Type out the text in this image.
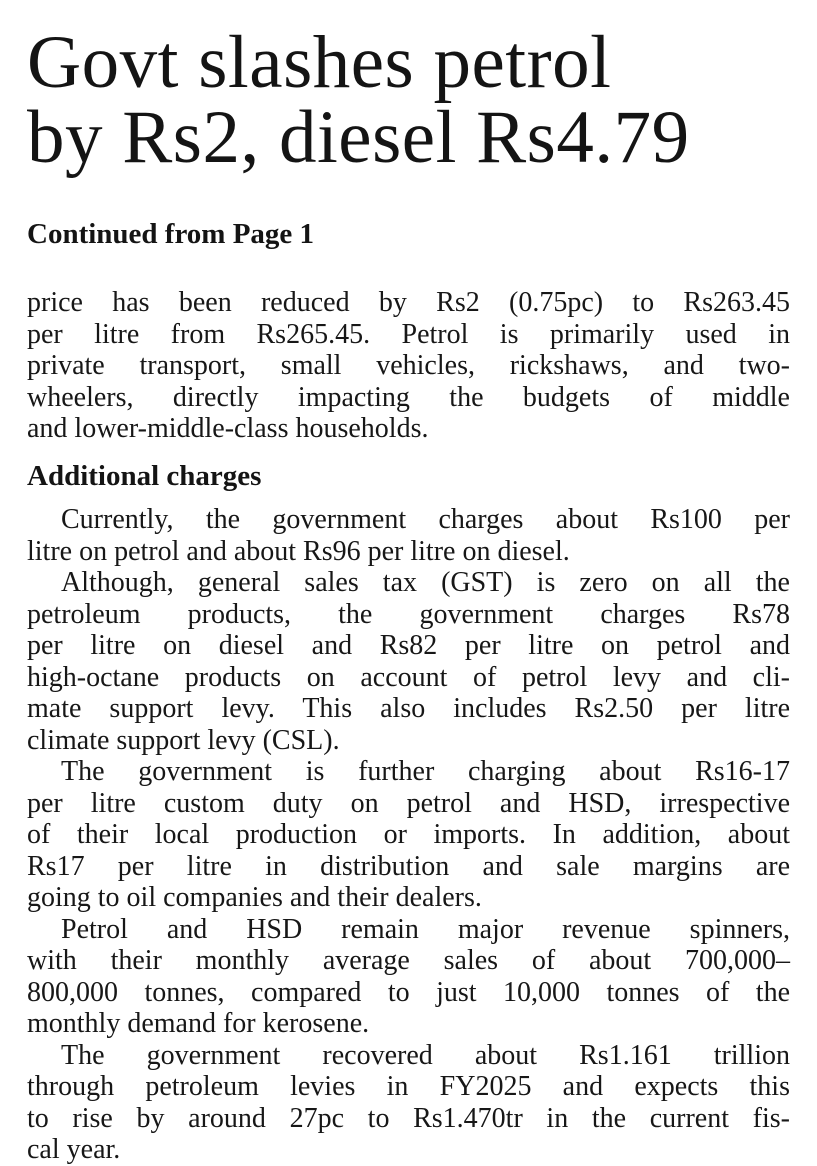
Govt slashes petrol
by Rs2, diesel Rs4.79

Continued from Page 1

price has been reduced by Rs2 (0.75pc) to Rs263.45
per litre from Rs265.45. Petrol is primarily used in
private transport, small vehicles, rickshaws, and two-
wheelers, directly impacting the budgets of middle
and lower-middle-class households.
Additional charges
Currently, the government charges about Rs100 per
litre on petrol and about Rs96 per litre on diesel.
Although, general sales tax (GST) is zero on all the
petroleum products, the government charges Rs78
per litre on diesel and Rs82 per litre on petrol and
high-octane products on account of petrol levy and cli-
mate support levy. This also includes Rs2.50 per litre
climate support levy (CSL).
The government is further charging about Rs16-17
per litre custom duty on petrol and HSD, irrespective
of their local production or imports. In addition, about
Rs17 per litre in distribution and sale margins are
going to oil companies and their dealers.
Petrol and HSD remain major revenue spinners,
with their monthly average sales of about 700,000–
800,000 tonnes, compared to just 10,000 tonnes of the
monthly demand for kerosene.
The government recovered about Rs1.161 trillion
through petroleum levies in FY2025 and expects this
to rise by around 27pc to Rs1.470tr in the current fis-
cal year.
